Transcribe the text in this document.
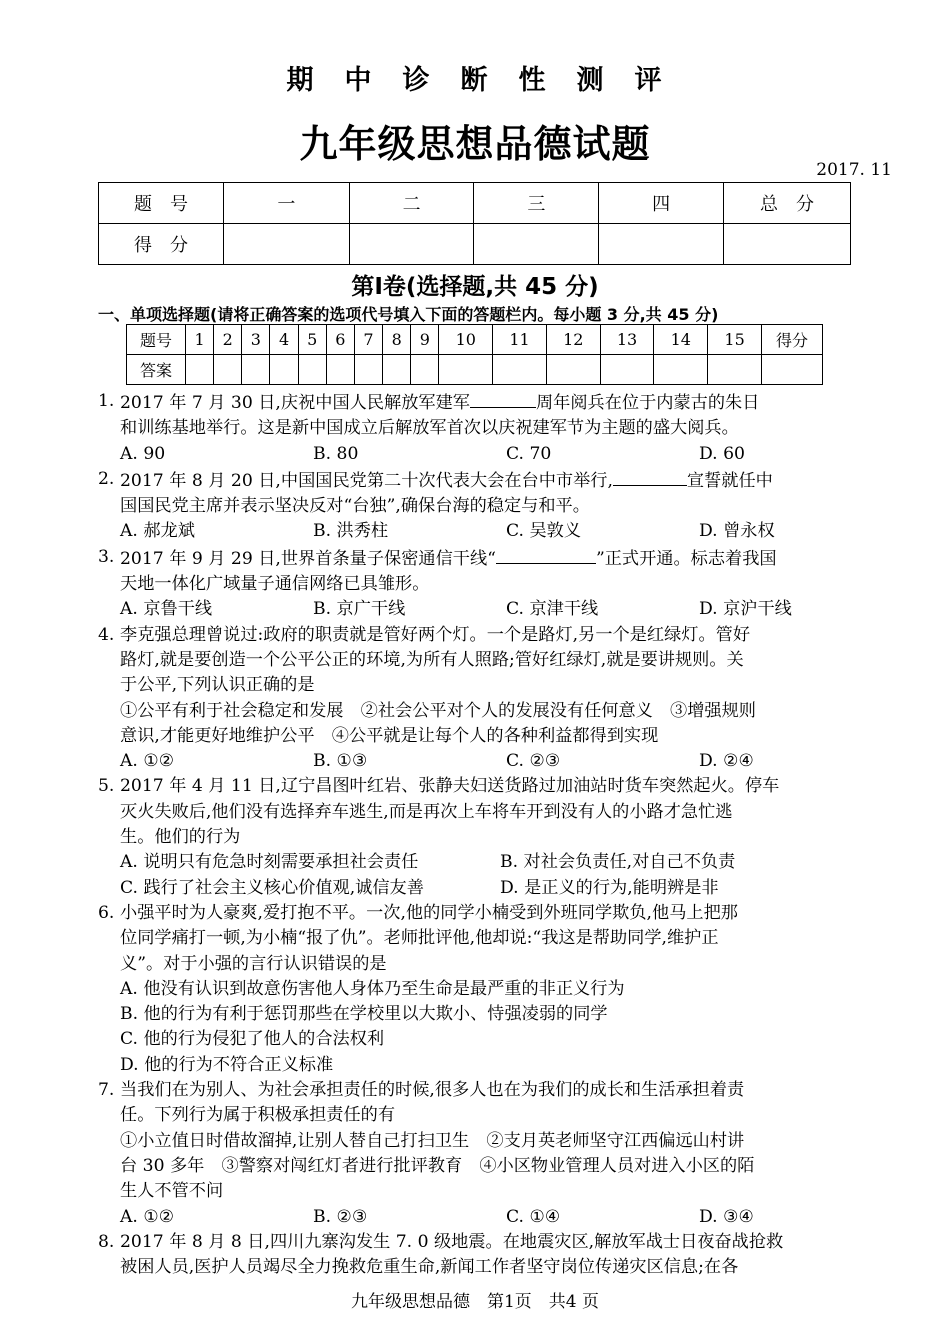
期　中　诊　断　性　测　评
九年级思想品德试题
2017. 11
题　号	一	二	三	四	总　分
得　分					
第Ⅰ卷(选择题,共 45 分)
一、单项选择题(请将正确答案的选项代号填入下面的答题栏内。每小题 3 分,共 45 分)
题号	1	2	3	4	5	6	7	8	9	10	11	12	13	14	15	得分
答案																
1. 2017 年 7 月 30 日,庆祝中国人民解放军建军	周年阅兵在位于内蒙古的朱日
和训练基地举行。这是新中国成立后解放军首次以庆祝建军节为主题的盛大阅兵。
A. 90	B. 80	C. 70	D. 60
2. 2017 年 8 月 20 日,中国国民党第二十次代表大会在台中市举行,	宣誓就任中
国国民党主席并表示坚决反对“台独”,确保台海的稳定与和平。
A. 郝龙斌	B. 洪秀柱	C. 吴敦义	D. 曾永权
3. 2017 年 9 月 29 日,世界首条量子保密通信干线“	”正式开通。标志着我国
天地一体化广域量子通信网络已具雏形。
A. 京鲁干线	B. 京广干线	C. 京津干线	D. 京沪干线
4. 李克强总理曾说过:政府的职责就是管好两个灯。一个是路灯,另一个是红绿灯。管好
路灯,就是要创造一个公平公正的环境,为所有人照路;管好红绿灯,就是要讲规则。关
于公平,下列认识正确的是
①公平有利于社会稳定和发展　②社会公平对个人的发展没有任何意义　③增强规则
意识,才能更好地维护公平　④公平就是让每个人的各种利益都得到实现
A. ①②	B. ①③	C. ②③	D. ②④
5. 2017 年 4 月 11 日,辽宁昌图叶红岩、张静夫妇送货路过加油站时货车突然起火。停车
灭火失败后,他们没有选择弃车逃生,而是再次上车将车开到没有人的小路才急忙逃
生。他们的行为
A. 说明只有危急时刻需要承担社会责任	B. 对社会负责任,对自己不负责
C. 践行了社会主义核心价值观,诚信友善	D. 是正义的行为,能明辨是非
6. 小强平时为人豪爽,爱打抱不平。一次,他的同学小楠受到外班同学欺负,他马上把那
位同学痛打一顿,为小楠“报了仇”。老师批评他,他却说:“我这是帮助同学,维护正
义”。对于小强的言行认识错误的是
A. 他没有认识到故意伤害他人身体乃至生命是最严重的非正义行为
B. 他的行为有利于惩罚那些在学校里以大欺小、恃强凌弱的同学
C. 他的行为侵犯了他人的合法权利
D. 他的行为不符合正义标准
7. 当我们在为别人、为社会承担责任的时候,很多人也在为我们的成长和生活承担着责
任。下列行为属于积极承担责任的有
①小立值日时借故溜掉,让别人替自己打扫卫生　②支月英老师坚守江西偏远山村讲
台 30 多年　③警察对闯红灯者进行批评教育　④小区物业管理人员对进入小区的陌
生人不管不问
A. ①②	B. ②③	C. ①④	D. ③④
8. 2017 年 8 月 8 日,四川九寨沟发生 7. 0 级地震。在地震灾区,解放军战士日夜奋战抢救
被困人员,医护人员竭尽全力挽救危重生命,新闻工作者坚守岗位传递灾区信息;在各
九年级思想品德　第1页　共4 页
